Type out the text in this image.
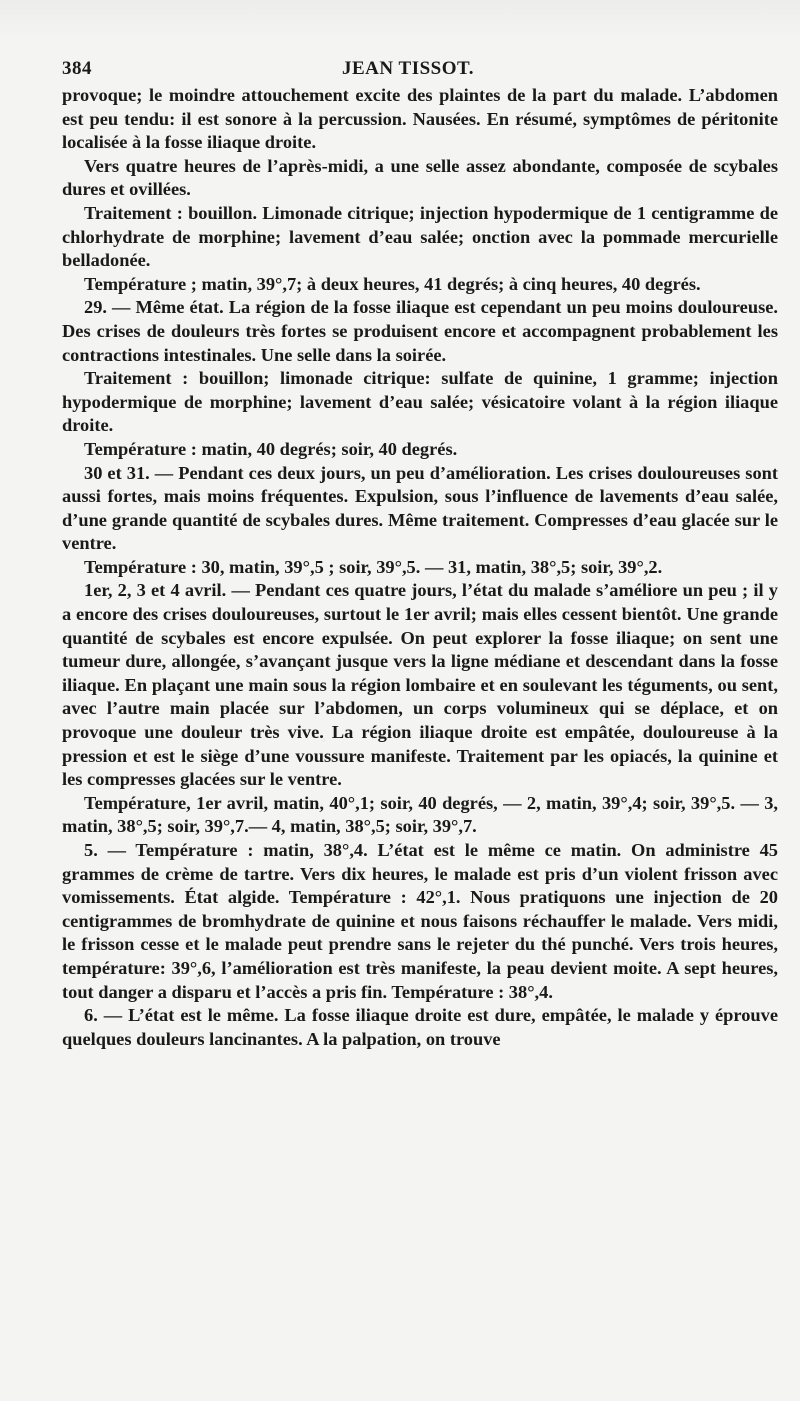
384	JEAN TISSOT.

provoque; le moindre attouchement excite des plaintes de la part du malade. L’abdomen est peu tendu: il est sonore à la percussion. Nausées. En résumé, symptômes de péritonite localisée à la fosse iliaque droite.

Vers quatre heures de l’après-midi, a une selle assez abondante, composée de scybales dures et ovillées.

Traitement : bouillon. Limonade citrique; injection hypodermique de 1 centigramme de chlorhydrate de morphine; lavement d’eau salée; onction avec la pommade mercurielle belladonée.

Température ; matin, 39°,7; à deux heures, 41 degrés; à cinq heures, 40 degrés.

29. — Même état. La région de la fosse iliaque est cependant un peu moins douloureuse. Des crises de douleurs très fortes se produisent encore et accompagnent probablement les contractions intestinales. Une selle dans la soirée.

Traitement : bouillon; limonade citrique: sulfate de quinine, 1 gramme; injection hypodermique de morphine; lavement d’eau salée; vésicatoire volant à la région iliaque droite.

Température : matin, 40 degrés; soir, 40 degrés.

30 et 31. — Pendant ces deux jours, un peu d’amélioration. Les crises douloureuses sont aussi fortes, mais moins fréquentes. Expulsion, sous l’influence de lavements d’eau salée, d’une grande quantité de scybales dures. Même traitement. Compresses d’eau glacée sur le ventre.

Température : 30, matin, 39°,5 ; soir, 39°,5. — 31, matin, 38°,5; soir, 39°,2.

1er, 2, 3 et 4 avril. — Pendant ces quatre jours, l’état du malade s’améliore un peu ; il y a encore des crises douloureuses, surtout le 1er avril; mais elles cessent bientôt. Une grande quantité de scybales est encore expulsée. On peut explorer la fosse iliaque; on sent une tumeur dure, allongée, s’avançant jusque vers la ligne médiane et descendant dans la fosse iliaque. En plaçant une main sous la région lombaire et en soulevant les téguments, ou sent, avec l’autre main placée sur l’abdomen, un corps volumineux qui se déplace, et on provoque une douleur très vive. La région iliaque droite est empâtée, douloureuse à la pression et est le siège d’une voussure manifeste. Traitement par les opiacés, la quinine et les compresses glacées sur le ventre.

Température, 1er avril, matin, 40°,1; soir, 40 degrés, — 2, matin, 39°,4; soir, 39°,5. — 3, matin, 38°,5; soir, 39°,7.— 4, matin, 38°,5; soir, 39°,7.

5. — Température : matin, 38°,4. L’état est le même ce matin. On administre 45 grammes de crème de tartre. Vers dix heures, le malade est pris d’un violent frisson avec vomissements. État algide. Température : 42°,1. Nous pratiquons une injection de 20 centigrammes de bromhydrate de quinine et nous faisons réchauffer le malade. Vers midi, le frisson cesse et le malade peut prendre sans le rejeter du thé punché. Vers trois heures, température: 39°,6, l’amélioration est très manifeste, la peau devient moite. A sept heures, tout danger a disparu et l’accès a pris fin. Température : 38°,4.

6. — L’état est le même. La fosse iliaque droite est dure, empâtée, le malade y éprouve quelques douleurs lancinantes. A la palpation, on trouve
